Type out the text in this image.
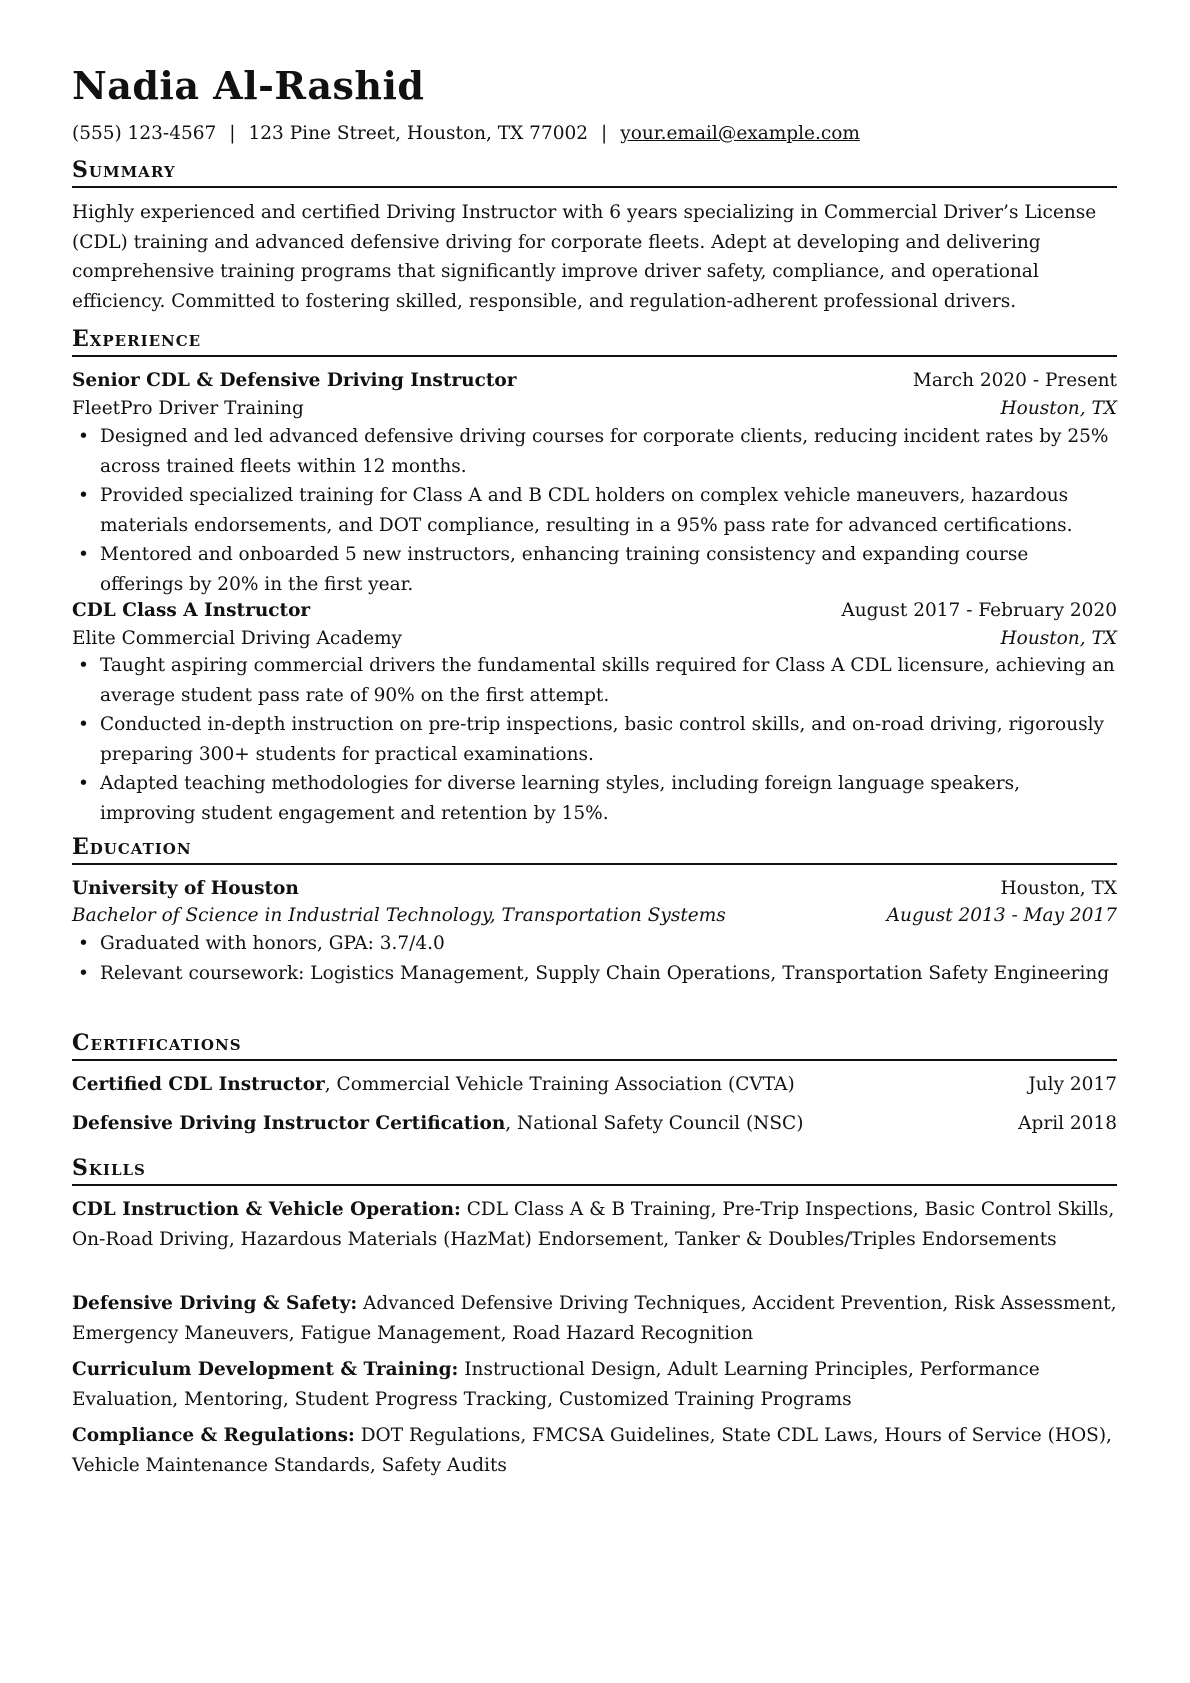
Nadia Al-Rashid
(555) 123-4567 | 123 Pine Street, Houston, TX 77002 | your.email@example.com
Summary
Highly experienced and certified Driving Instructor with 6 years specializing in Commercial Driver’s License (CDL) training and advanced defensive driving for corporate fleets. Adept at developing and delivering comprehensive training programs that significantly improve driver safety, compliance, and operational efficiency. Committed to fostering skilled, responsible, and regulation-adherent professional drivers.
Experience
Senior CDL & Defensive Driving Instructor	March 2020 - Present
FleetPro Driver Training	Houston, TX
• Designed and led advanced defensive driving courses for corporate clients, reducing incident rates by 25% across trained fleets within 12 months.
• Provided specialized training for Class A and B CDL holders on complex vehicle maneuvers, hazardous materials endorsements, and DOT compliance, resulting in a 95% pass rate for advanced certifications.
• Mentored and onboarded 5 new instructors, enhancing training consistency and expanding course offerings by 20% in the first year.
CDL Class A Instructor	August 2017 - February 2020
Elite Commercial Driving Academy	Houston, TX
• Taught aspiring commercial drivers the fundamental skills required for Class A CDL licensure, achieving an average student pass rate of 90% on the first attempt.
• Conducted in-depth instruction on pre-trip inspections, basic control skills, and on-road driving, rigorously preparing 300+ students for practical examinations.
• Adapted teaching methodologies for diverse learning styles, including foreign language speakers, improving student engagement and retention by 15%.
Education
University of Houston	Houston, TX
Bachelor of Science in Industrial Technology, Transportation Systems	August 2013 - May 2017
• Graduated with honors, GPA: 3.7/4.0
• Relevant coursework: Logistics Management, Supply Chain Operations, Transportation Safety Engineering
Certifications
Certified CDL Instructor, Commercial Vehicle Training Association (CVTA)	July 2017
Defensive Driving Instructor Certification, National Safety Council (NSC)	April 2018
Skills
CDL Instruction & Vehicle Operation: CDL Class A & B Training, Pre-Trip Inspections, Basic Control Skills, On-Road Driving, Hazardous Materials (HazMat) Endorsement, Tanker & Doubles/Triples Endorsements
Defensive Driving & Safety: Advanced Defensive Driving Techniques, Accident Prevention, Risk Assessment, Emergency Maneuvers, Fatigue Management, Road Hazard Recognition
Curriculum Development & Training: Instructional Design, Adult Learning Principles, Performance Evaluation, Mentoring, Student Progress Tracking, Customized Training Programs
Compliance & Regulations: DOT Regulations, FMCSA Guidelines, State CDL Laws, Hours of Service (HOS), Vehicle Maintenance Standards, Safety Audits
